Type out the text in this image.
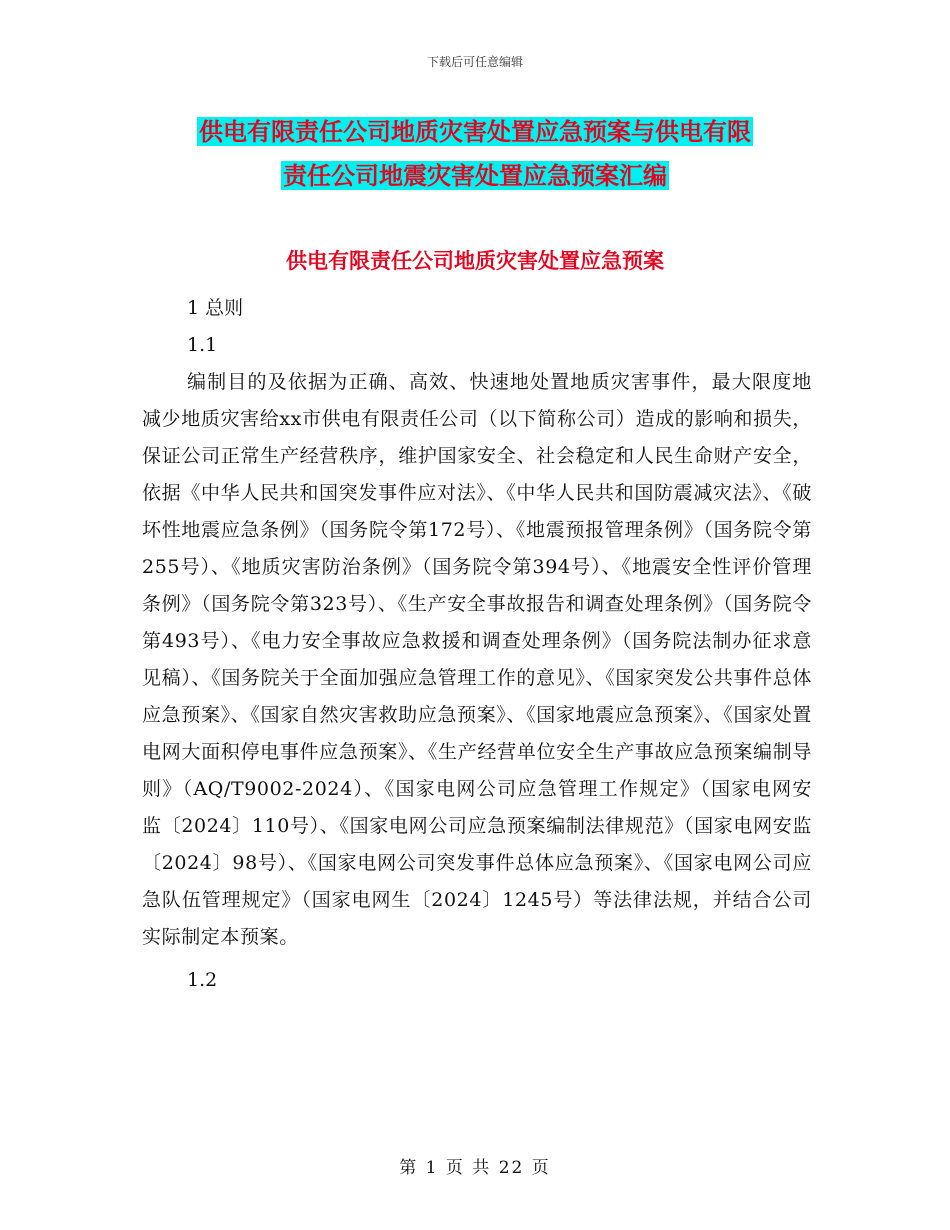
下载后可任意编辑
供电有限责任公司地质灾害处置应急预案与供电有限
责任公司地震灾害处置应急预案汇编
供电有限责任公司地质灾害处置应急预案

1 总则

1.1

编制目的及依据为正确、高效、快速地处置地质灾害事件，最大限度地减少地质灾害给xx市供电有限责任公司（以下简称公司）造成的影响和损失，保证公司正常生产经营秩序，维护国家安全、社会稳定和人民生命财产安全，依据《中华人民共和国突发事件应对法》、《中华人民共和国防震减灾法》、《破坏性地震应急条例》（国务院令第172号）、《地震预报管理条例》（国务院令第255号）、《地质灾害防治条例》（国务院令第394号）、《地震安全性评价管理条例》（国务院令第323号）、《生产安全事故报告和调查处理条例》（国务院令第493号）、《电力安全事故应急救援和调查处理条例》（国务院法制办征求意见稿）、《国务院关于全面加强应急管理工作的意见》、《国家突发公共事件总体应急预案》、《国家自然灾害救助应急预案》、《国家地震应急预案》、《国家处置电网大面积停电事件应急预案》、《生产经营单位安全生产事故应急预案编制导则》（AQ/T9002-2024）、《国家电网公司应急管理工作规定》（国家电网安监〔2024〕110号）、《国家电网公司应急预案编制法律规范》（国家电网安监〔2024〕98号）、《国家电网公司突发事件总体应急预案》、《国家电网公司应急队伍管理规定》（国家电网生〔2024〕1245号）等法律法规，并结合公司实际制定本预案。

1.2

第 1 页 共 22 页
